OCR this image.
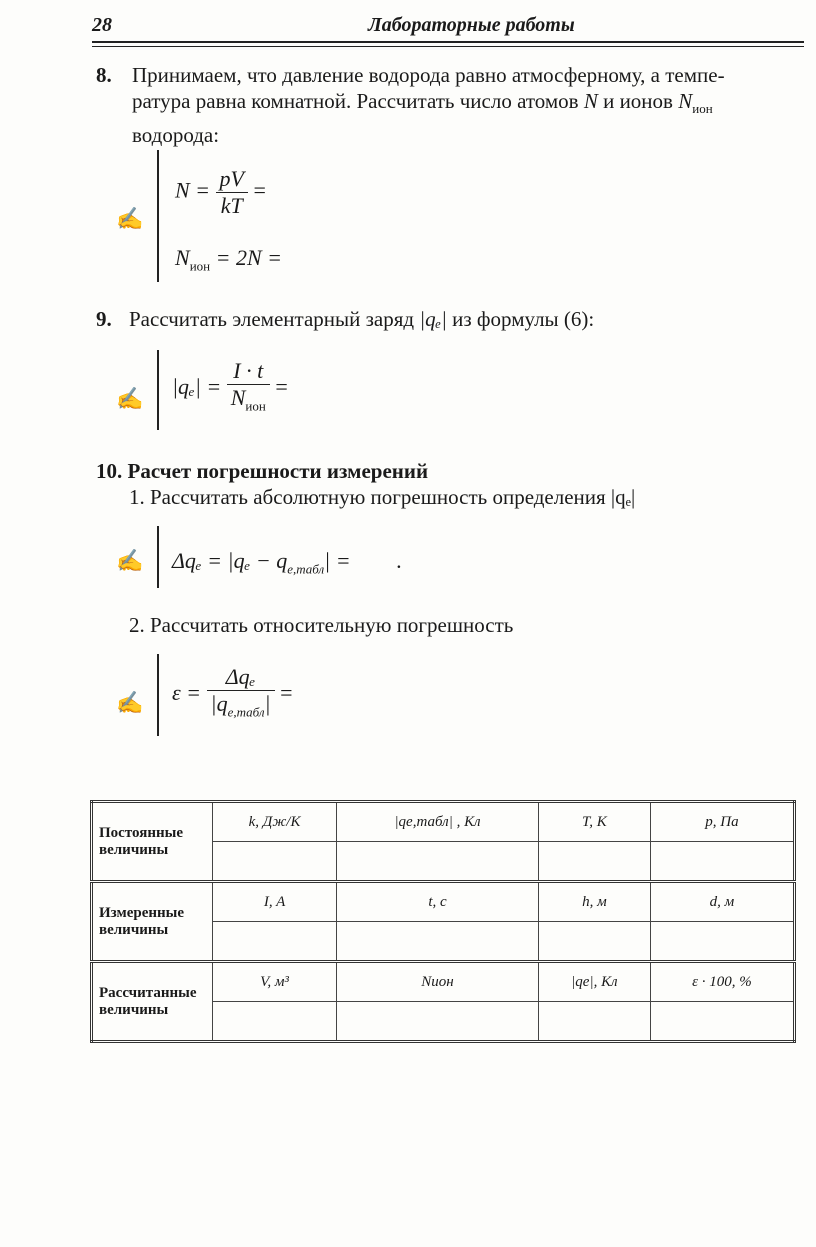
28	Лабораторные работы
8. Принимаем, что давление водорода равно атмосферному, а темпе-
ратура равна комнатной. Рассчитать число атомов N и ионов $N_{ион}$
водорода:
✍
$N = \frac{pV}{kT}$ =
$N_{ион} = 2N$ =
9. Рассчитать элементарный заряд |qₑ| из формулы (6):
✍ $|q_e| = \frac{I \cdot t}{N_{ион}}$ =
10. Расчет погрешности измерений
1. Рассчитать абсолютную погрешность определения |qₑ|
✍ $\Delta q_e = |q_e - q_{e,табл}|$ = .
2. Рассчитать относительную погрешность
✍ $\varepsilon = \frac{\text{Δqₑ}}{|q_{e,табл}|}$ =
Постоянные величины	k, Дж/К	|qe,табл| , Кл	T, K	p, Па

Измеренные величины	I, A	t, с	h, м	d, м

Рассчитанные величины	V, м³	Nион	|qe|, Кл	ε · 100, %
